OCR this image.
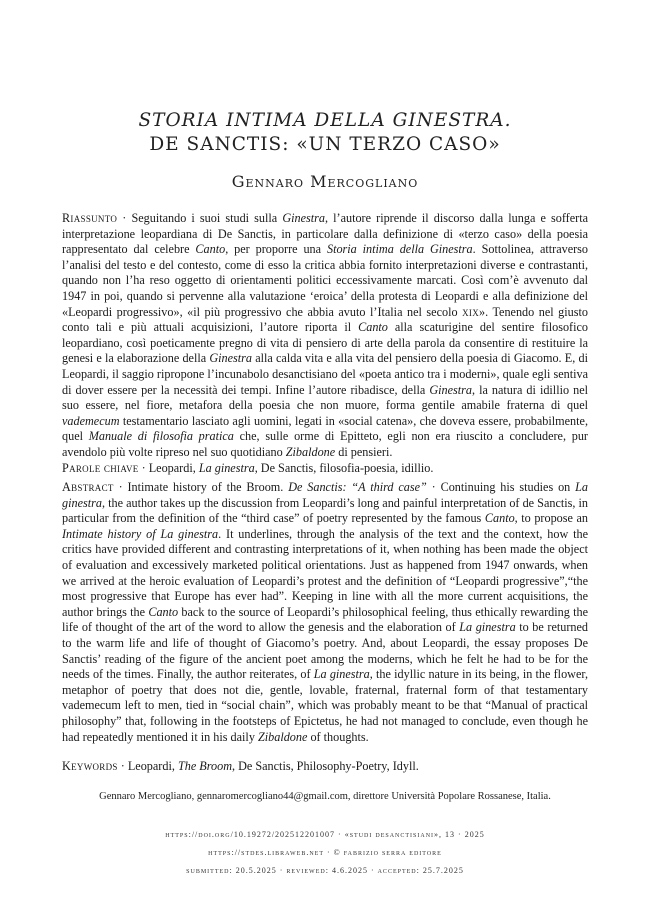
STORIA INTIMA DELLA GINESTRA.
DE SANCTIS: «UN TERZO CASO»
Gennaro Mercogliano
Riassunto · Seguitando i suoi studi sulla Ginestra, l’autore riprende il discorso dalla lunga e sofferta interpretazione leopardiana di De Sanctis, in particolare dalla definizione di «terzo caso» della poesia rappresentato dal celebre Canto, per proporre una Storia intima della Ginestra. Sottolinea, attraverso l’analisi del testo e del contesto, come di esso la critica abbia fornito interpretazioni diverse e contrastanti, quando non l’ha reso oggetto di orientamenti politici eccessivamente marcati. Così com’è avvenuto dal 1947 in poi, quando si pervenne alla valutazione ‘eroica’ della protesta di Leopardi e alla definizione del «Leopardi progressivo», «il più progressivo che abbia avuto l’Italia nel secolo xix». Tenendo nel giusto conto tali e più attuali acquisizioni, l’autore riporta il Canto alla scaturigine del sentire filosofico leopardiano, così poeticamente pregno di vita di pensiero di arte della parola da consentire di restituire la genesi e la elaborazione della Ginestra alla calda vita e alla vita del pensiero della poesia di Giacomo. E, di Leopardi, il saggio ripropone l’incunabolo desanctisiano del «poeta antico tra i moderni», quale egli sentiva di dover essere per la necessità dei tempi. Infine l’autore ribadisce, della Ginestra, la natura di idillio nel suo essere, nel fiore, metafora della poesia che non muore, forma gentile amabile fraterna di quel vademecum testamentario lasciato agli uomini, legati in «social catena», che doveva essere, probabilmente, quel Manuale di filosofia pratica che, sulle orme di Epitteto, egli non era riuscito a concludere, pur avendolo più volte ripreso nel suo quotidiano Zibaldone di pensieri.
Parole chiave · Leopardi, La ginestra, De Sanctis, filosofia-poesia, idillio.
Abstract · Intimate history of the Broom. De Sanctis: “A third case” · Continuing his studies on La ginestra, the author takes up the discussion from Leopardi’s long and painful interpretation of de Sanctis, in particular from the definition of the “third case” of poetry represented by the famous Canto, to propose an Intimate history of La ginestra. It underlines, through the analysis of the text and the context, how the critics have provided different and contrasting interpretations of it, when nothing has been made the object of evaluation and excessively marketed political orientations. Just as happened from 1947 onwards, when we arrived at the heroic evaluation of Leopardi’s protest and the definition of “Leopardi progressive”,“the most progressive that Europe has ever had”. Keeping in line with all the more current acquisitions, the author brings the Canto back to the source of Leopardi’s philosophical feeling, thus ethically rewarding the life of thought of the art of the word to allow the genesis and the elaboration of La ginestra to be returned to the warm life and life of thought of Giacomo’s poetry. And, about Leopardi, the essay proposes De Sanctis’ reading of the figure of the ancient poet among the moderns, which he felt he had to be for the needs of the times. Finally, the author reiterates, of La ginestra, the idyllic nature in its being, in the flower, metaphor of poetry that does not die, gentle, lovable, fraternal, fraternal form of that testamentary vademecum left to men, tied in “social chain”, which was probably meant to be that “Manual of practical philosophy” that, following in the footsteps of Epictetus, he had not managed to conclude, even though he had repeatedly mentioned it in his daily Zibaldone of thoughts.
Keywords · Leopardi, The Broom, De Sanctis, Philosophy-Poetry, Idyll.
Gennaro Mercogliano, gennaromercogliano44@gmail.com, direttore Università Popolare Rossanese, Italia.
https://doi.org/10.19272/202512201007 · «studi desanctisiani», 13 · 2025
https://stdes.libraweb.net · © fabrizio serra editore
submitted: 20.5.2025 · reviewed: 4.6.2025 · accepted: 25.7.2025
